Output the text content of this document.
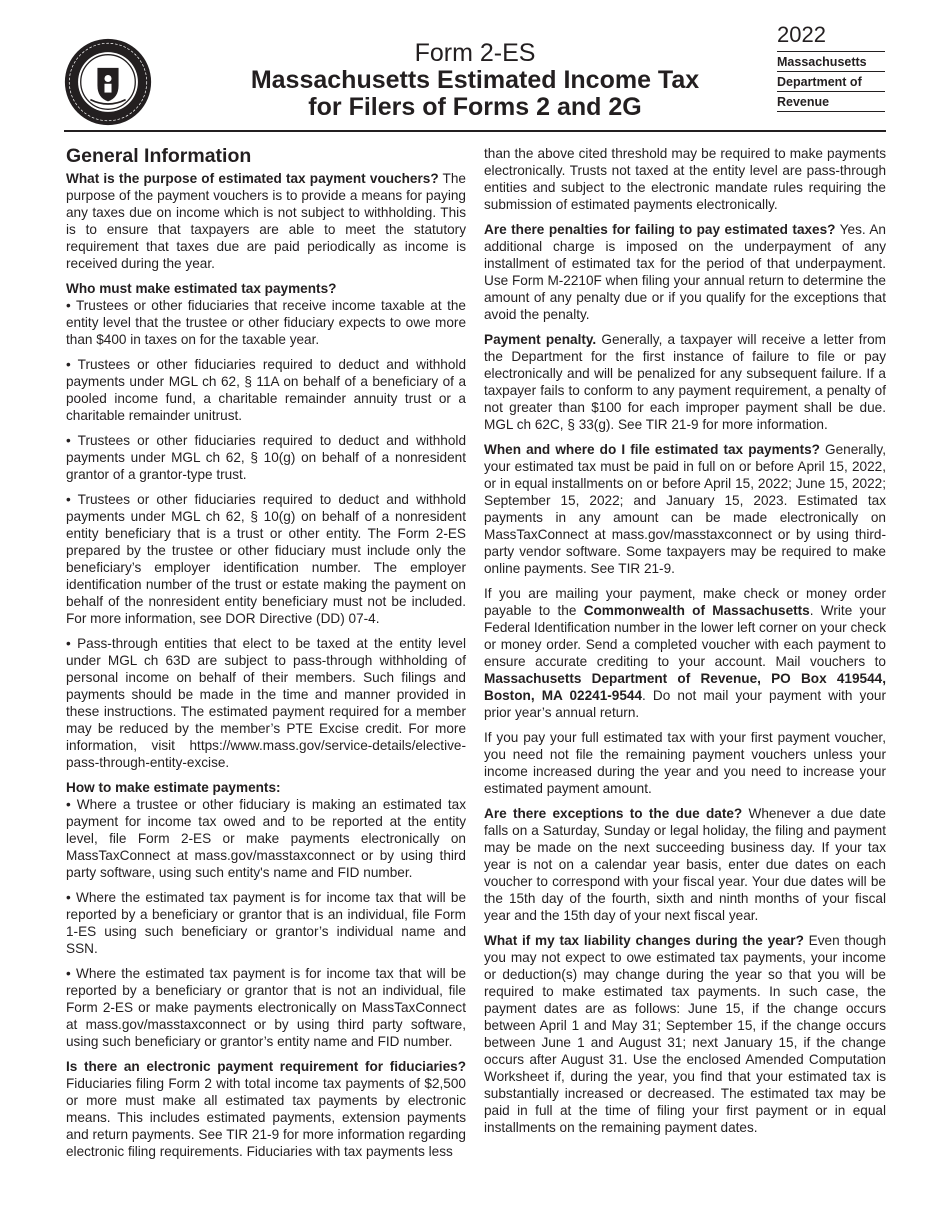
Form 2-ES
Massachusetts Estimated Income Tax
for Filers of Forms 2 and 2G
2022
Massachusetts
Department of
Revenue
General Information

What is the purpose of estimated tax payment vouchers? The purpose of the payment vouchers is to provide a means for paying any taxes due on income which is not subject to withholding. This is to ensure that taxpayers are able to meet the statutory requirement that taxes due are paid periodically as income is received during the year.

Who must make estimated tax payments?

• Trustees or other fiduciaries that receive income taxable at the entity level that the trustee or other fiduciary expects to owe more than $400 in taxes on for the taxable year.

• Trustees or other fiduciaries required to deduct and withhold payments under MGL ch 62, § 11A on behalf of a beneficiary of a pooled income fund, a charitable remainder annuity trust or a charitable remainder unitrust.

• Trustees or other fiduciaries required to deduct and withhold payments under MGL ch 62, § 10(g) on behalf of a nonresident grantor of a grantor-type trust.

• Trustees or other fiduciaries required to deduct and withhold payments under MGL ch 62, § 10(g) on behalf of a nonresident entity beneficiary that is a trust or other entity. The Form 2-ES prepared by the trustee or other fiduciary must include only the beneficiary’s employer identification number. The employer identification number of the trust or estate making the payment on behalf of the nonresident entity beneficiary must not be included. For more information, see DOR Directive (DD) 07-4.

• Pass-through entities that elect to be taxed at the entity level under MGL ch 63D are subject to pass-through withholding of personal income on behalf of their members. Such filings and payments should be made in the time and manner provided in these instructions. The estimated payment required for a member may be reduced by the member’s PTE Excise credit. For more information, visit https://www.mass.gov/service-details/elective-pass-through-entity-excise.

How to make estimate payments:

• Where a trustee or other fiduciary is making an estimated tax payment for income tax owed and to be reported at the entity level, file Form 2-ES or make payments electronically on MassTaxConnect at mass.gov/masstaxconnect or by using third party software, using such entity's name and FID number.

• Where the estimated tax payment is for income tax that will be reported by a beneficiary or grantor that is an individual, file Form 1-ES using such beneficiary or grantor’s individual name and SSN.

• Where the estimated tax payment is for income tax that will be reported by a beneficiary or grantor that is not an individual, file Form 2-ES or make payments electronically on MassTaxConnect at mass.gov/masstaxconnect or by using third party software, using such beneficiary or grantor’s entity name and FID number.

Is there an electronic payment requirement for fiduciaries? Fiduciaries filing Form 2 with total income tax payments of $2,500 or more must make all estimated tax payments by electronic means. This includes estimated payments, extension payments and return payments. See TIR 21-9 for more information regarding electronic filing requirements. Fiduciaries with tax payments less

than the above cited threshold may be required to make payments electronically. Trusts not taxed at the entity level are pass-through entities and subject to the electronic mandate rules requiring the submission of estimated payments electronically.

Are there penalties for failing to pay estimated taxes? Yes. An additional charge is imposed on the underpayment of any installment of estimated tax for the period of that underpayment. Use Form M-2210F when filing your annual return to determine the amount of any penalty due or if you qualify for the exceptions that avoid the penalty.

Payment penalty. Generally, a taxpayer will receive a letter from the Department for the first instance of failure to file or pay electronically and will be penalized for any subsequent failure. If a taxpayer fails to conform to any payment requirement, a penalty of not greater than $100 for each improper payment shall be due. MGL ch 62C, § 33(g). See TIR 21-9 for more information.

When and where do I file estimated tax payments? Generally, your estimated tax must be paid in full on or before April 15, 2022, or in equal installments on or before April 15, 2022; June 15, 2022; September 15, 2022; and January 15, 2023. Estimated tax payments in any amount can be made electronically on MassTaxConnect at mass.gov/masstaxconnect or by using third-party vendor software. Some taxpayers may be required to make online payments. See TIR 21-9.

If you are mailing your payment, make check or money order payable to the Commonwealth of Massachusetts. Write your Federal Identification number in the lower left corner on your check or money order. Send a completed voucher with each payment to ensure accurate crediting to your account. Mail vouchers to Massachusetts Department of Revenue, PO Box 419544, Boston, MA 02241-9544. Do not mail your payment with your prior year’s annual return.

If you pay your full estimated tax with your first payment voucher, you need not file the remaining payment vouchers unless your income increased during the year and you need to increase your estimated payment amount.

Are there exceptions to the due date? Whenever a due date falls on a Saturday, Sunday or legal holiday, the filing and payment may be made on the next succeeding business day. If your tax year is not on a calendar year basis, enter due dates on each voucher to correspond with your fiscal year. Your due dates will be the 15th day of the fourth, sixth and ninth months of your fiscal year and the 15th day of your next fiscal year.

What if my tax liability changes during the year? Even though you may not expect to owe estimated tax payments, your income or deduction(s) may change during the year so that you will be required to make estimated tax payments. In such case, the payment dates are as follows: June 15, if the change occurs between April 1 and May 31; September 15, if the change occurs between June 1 and August 31; next January 15, if the change occurs after August 31. Use the enclosed Amended Computation Worksheet if, during the year, you find that your estimated tax is substantially increased or decreased. The estimated tax may be paid in full at the time of filing your first payment or in equal installments on the remaining payment dates.
